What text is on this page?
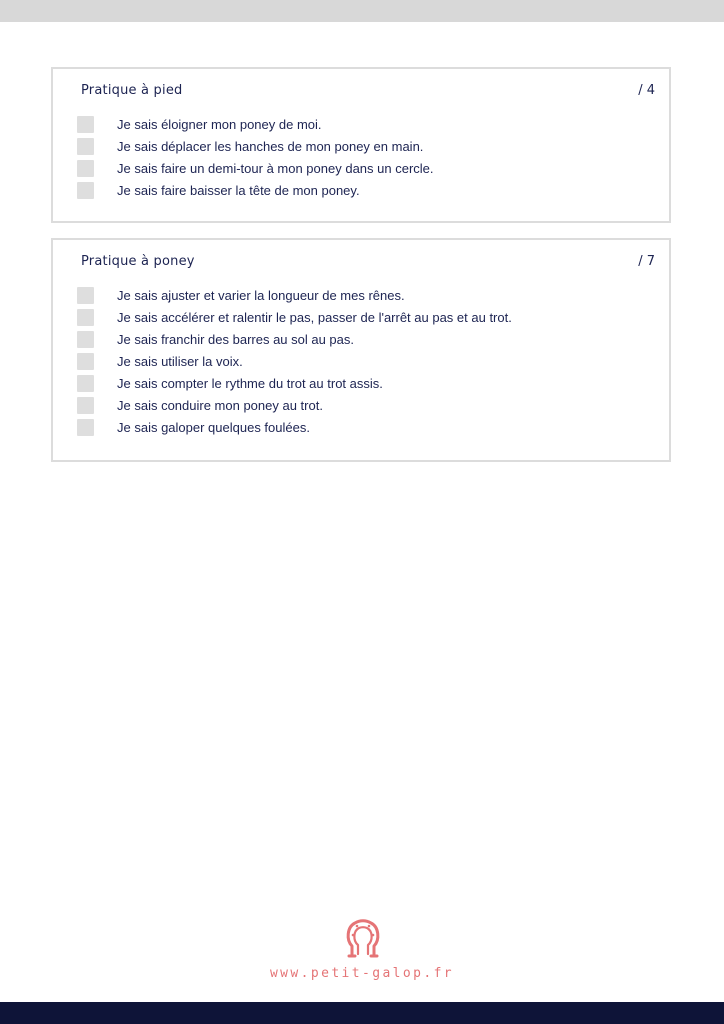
Pratique à pied	/ 4
Je sais éloigner mon poney de moi.
Je sais déplacer les hanches de mon poney en main.
Je sais faire un demi-tour à mon poney dans un cercle.
Je sais faire baisser la tête de mon poney.
Pratique à poney	/ 7
Je sais ajuster et varier la longueur de mes rênes.
Je sais accélérer et ralentir le pas, passer de l'arrêt au pas et au trot.
Je sais franchir des barres au sol au pas.
Je sais utiliser la voix.
Je sais compter le rythme du trot au trot assis.
Je sais conduire mon poney au trot.
Je sais galoper quelques foulées.
www.petit-galop.fr
